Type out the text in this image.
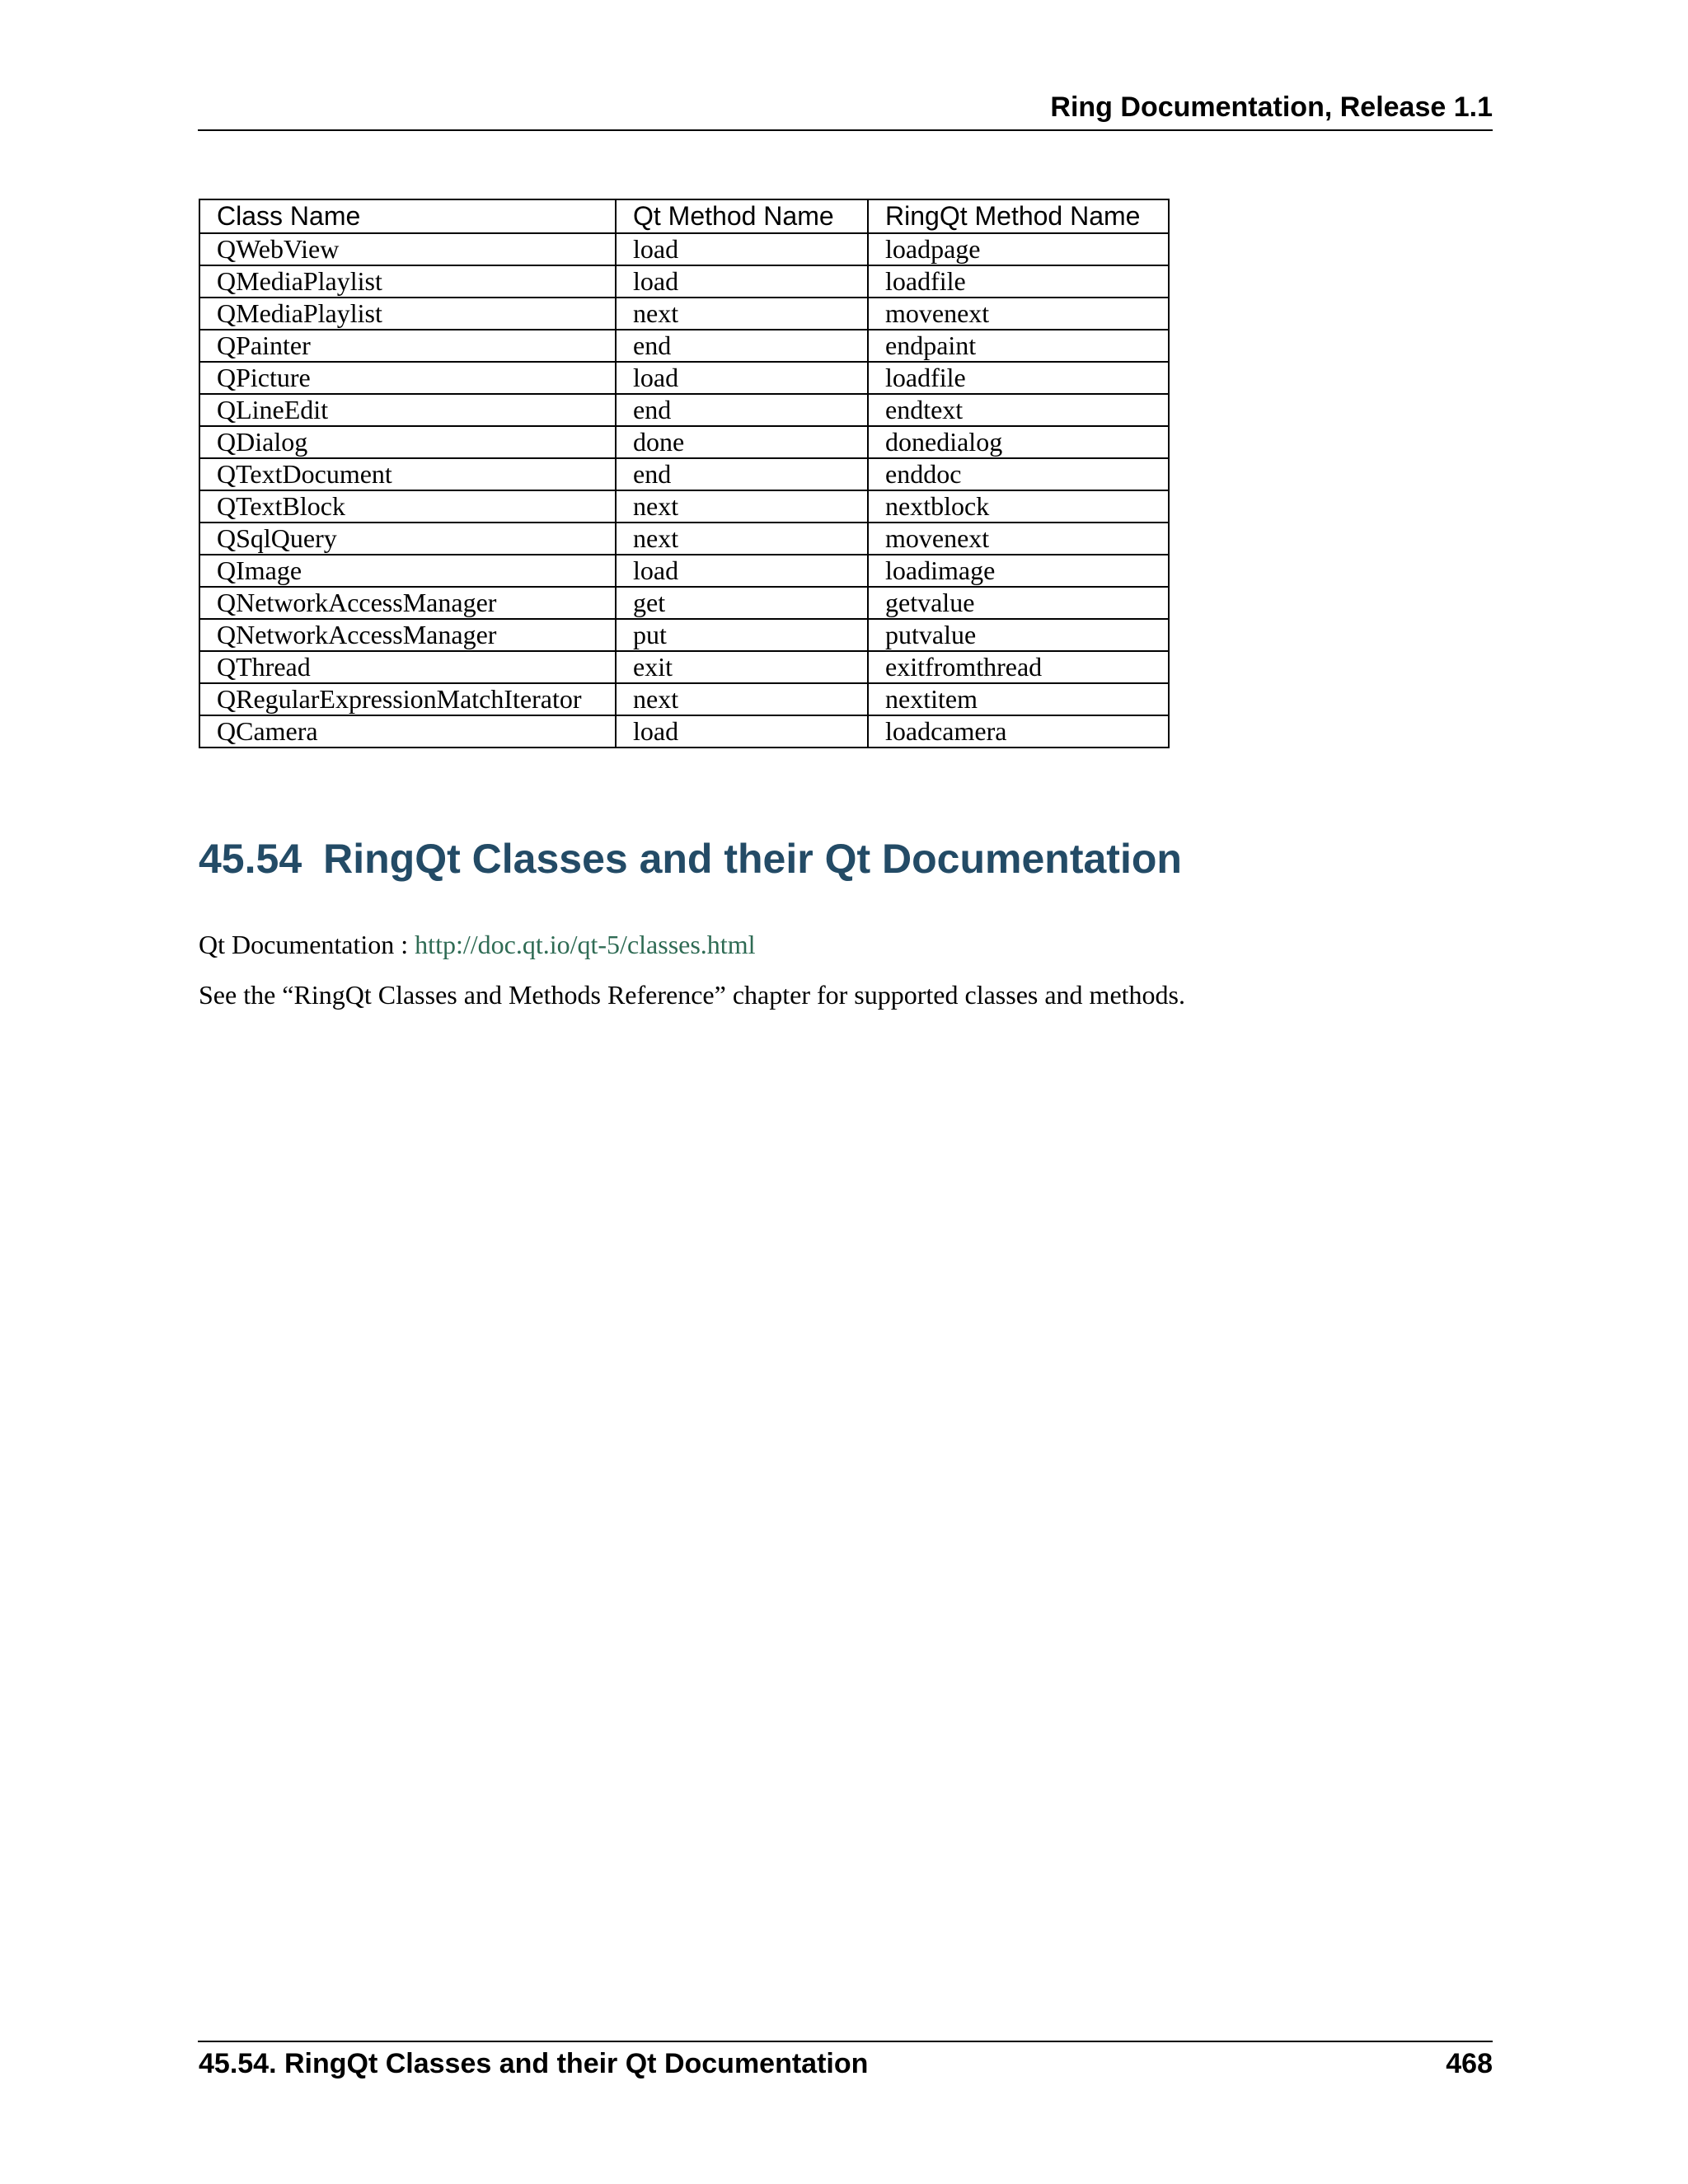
Ring Documentation, Release 1.1
Class Name	Qt Method Name	RingQt Method Name
QWebView	load	loadpage
QMediaPlaylist	load	loadfile
QMediaPlaylist	next	movenext
QPainter	end	endpaint
QPicture	load	loadfile
QLineEdit	end	endtext
QDialog	done	donedialog
QTextDocument	end	enddoc
QTextBlock	next	nextblock
QSqlQuery	next	movenext
QImage	load	loadimage
QNetworkAccessManager	get	getvalue
QNetworkAccessManager	put	putvalue
QThread	exit	exitfromthread
QRegularExpressionMatchIterator	next	nextitem
QCamera	load	loadcamera
45.54 RingQt Classes and their Qt Documentation
Qt Documentation : http://doc.qt.io/qt-5/classes.html
See the “RingQt Classes and Methods Reference” chapter for supported classes and methods.
45.54. RingQt Classes and their Qt Documentation	468
